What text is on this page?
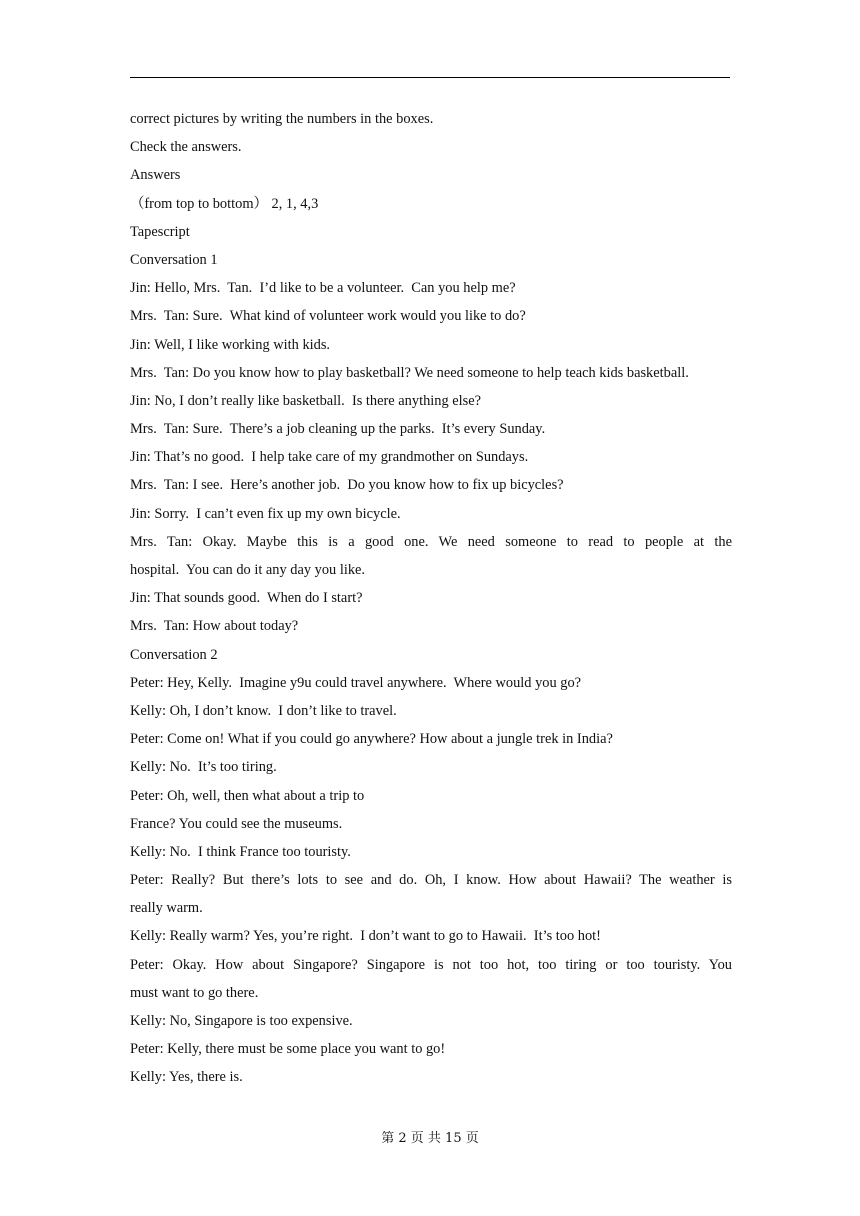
correct pictures by writing the numbers in the boxes.
Check the answers.
Answers
（from top to bottom） 2, 1, 4,3
Tapescript
Conversation 1
Jin: Hello, Mrs.  Tan.  I’d like to be a volunteer.  Can you help me?
Mrs.  Tan: Sure.  What kind of volunteer work would you like to do?
Jin: Well, I like working with kids.
Mrs.  Tan: Do you know how to play basketball? We need someone to help teach kids basketball.
Jin: No, I don’t really like basketball.  Is there anything else?
Mrs.  Tan: Sure.  There’s a job cleaning up the parks.  It’s every Sunday.
Jin: That’s no good.  I help take care of my grandmother on Sundays.
Mrs.  Tan: I see.  Here’s another job.  Do you know how to fix up bicycles?
Jin: Sorry.  I can’t even fix up my own bicycle.
Mrs. Tan: Okay. Maybe this is a good one. We need someone to read to people at the
hospital.  You can do it any day you like.
Jin: That sounds good.  When do I start?
Mrs.  Tan: How about today?
Conversation 2
Peter: Hey, Kelly.  Imagine y9u could travel anywhere.  Where would you go?
Kelly: Oh, I don’t know.  I don’t like to travel.
Peter: Come on! What if you could go anywhere? How about a jungle trek in India?
Kelly: No.  It’s too tiring.
Peter: Oh, well, then what about a trip to
France? You could see the museums.
Kelly: No.  I think France too touristy.
Peter: Really? But there’s lots to see and do. Oh, I know. How about Hawaii? The weather is
really warm.
Kelly: Really warm? Yes, you’re right.  I don’t want to go to Hawaii.  It’s too hot!
Peter: Okay. How about Singapore? Singapore is not too hot, too tiring or too touristy. You
must want to go there.
Kelly: No, Singapore is too expensive.
Peter: Kelly, there must be some place you want to go!
Kelly: Yes, there is.
第 2 页 共 15 页
